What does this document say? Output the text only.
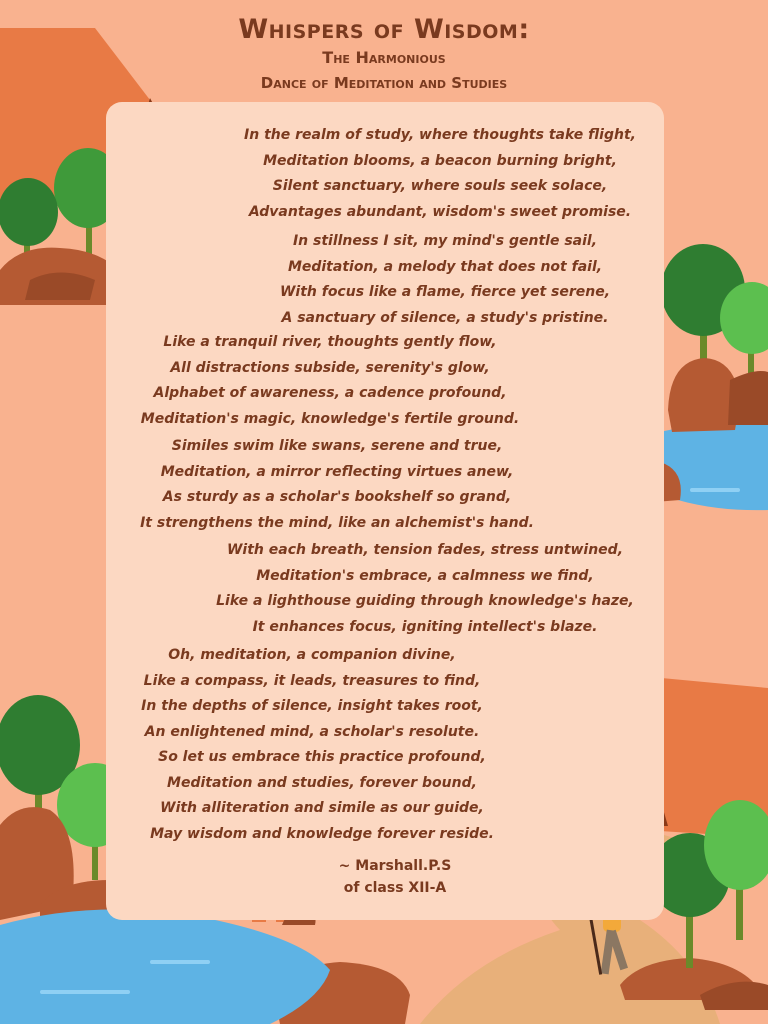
Whispers of Wisdom:
The Harmonious
Dance of Meditation and Studies
In the realm of study, where thoughts take flight,
Meditation blooms, a beacon burning bright,
Silent sanctuary, where souls seek solace,
Advantages abundant, wisdom's sweet promise.
In stillness I sit, my mind's gentle sail,
Meditation, a melody that does not fail,
With focus like a flame, fierce yet serene,
A sanctuary of silence, a study's pristine.
Like a tranquil river, thoughts gently flow,
All distractions subside, serenity's glow,
Alphabet of awareness, a cadence profound,
Meditation's magic, knowledge's fertile ground.
Similes swim like swans, serene and true,
Meditation, a mirror reflecting virtues anew,
As sturdy as a scholar's bookshelf so grand,
It strengthens the mind, like an alchemist's hand.
With each breath, tension fades, stress untwined,
Meditation's embrace, a calmness we find,
Like a lighthouse guiding through knowledge's haze,
It enhances focus, igniting intellect's blaze.
Oh, meditation, a companion divine,
Like a compass, it leads, treasures to find,
In the depths of silence, insight takes root,
An enlightened mind, a scholar's resolute.
So let us embrace this practice profound,
Meditation and studies, forever bound,
With alliteration and simile as our guide,
May wisdom and knowledge forever reside.
~ Marshall.P.S
of class XII-A
